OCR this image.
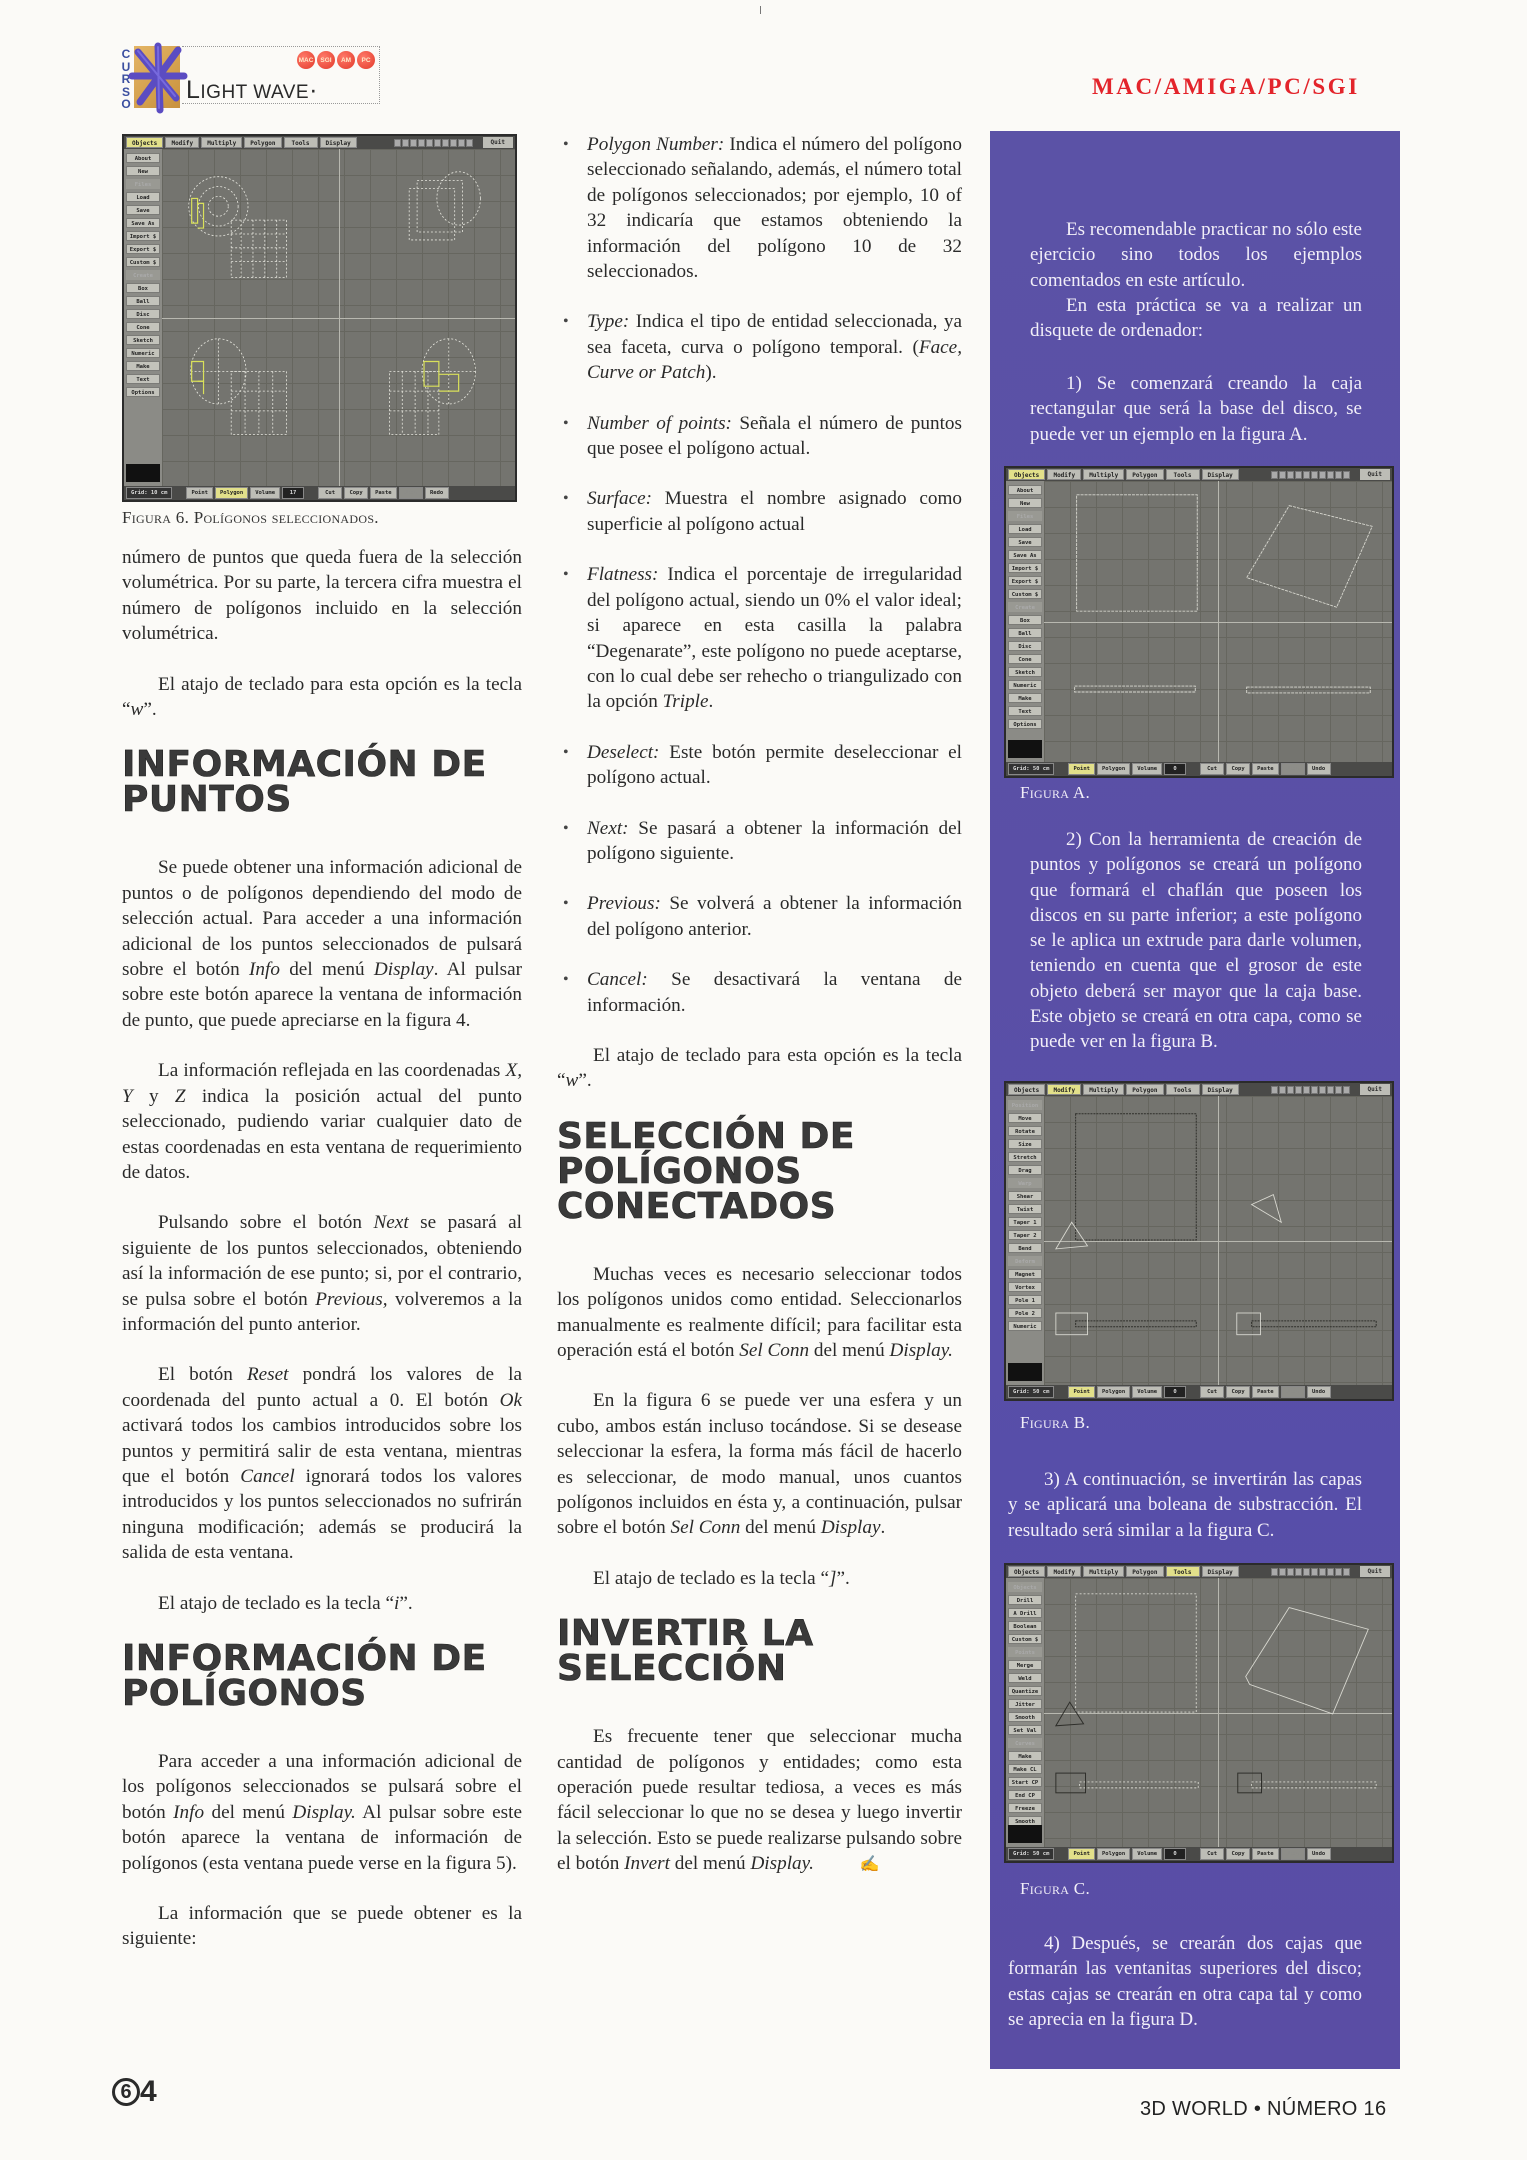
C
U
R
S
O
MAC	SGI	AM	PC
LIGHT WAVE·	MAC/AMIGA/PC/SGI
Objects	Modify	Multiply	Polygon	Tools	Display	Quit
About
New
Files
Load
Save
Save As
Import $
Export $
Custom $
Create
Box
Ball
Disc
Cone
Sketch
Numeric
Make
Text
Options
Grid: 10 cm	Point	Polygon	Volume	17	Cut	Copy	Paste	Undo	Redo
Figura 6. Polígonos seleccionados.

número de puntos que queda fuera de la selección volumétrica. Por su parte, la tercera cifra muestra el número de polígonos incluido en la selección volumétrica.

El atajo de teclado para esta opción es la tecla “w”.

INFORMACIÓN DE PUNTOS

Se puede obtener una información adicional de puntos o de polígonos dependiendo del modo de selección actual. Para acceder a una información adicional de los puntos seleccionados de pulsará sobre el botón Info del menú Display. Al pulsar sobre este botón aparece la ventana de información de punto, que puede apreciarse en la figura 4.

La información reflejada en las coordenadas X, Y y Z indica la posición actual del punto seleccionado, pudiendo variar cualquier dato de estas coordenadas en esta ventana de requerimiento de datos.

Pulsando sobre el botón Next se pasará al siguiente de los puntos seleccionados, obteniendo así la información de ese punto; si, por el contrario, se pulsa sobre el botón Previous, volveremos a la información del punto anterior.

El botón Reset pondrá los valores de la coordenada del punto actual a 0. El botón Ok activará todos los cambios introducidos sobre los puntos y permitirá salir de esta ventana, mientras que el botón Cancel ignorará todos los valores introducidos y los puntos seleccionados no sufrirán ninguna modificación; además se producirá la salida de esta ventana.

El atajo de teclado es la tecla “i”.

INFORMACIÓN DE POLÍGONOS

Para acceder a una información adicional de los polígonos seleccionados se pulsará sobre el botón Info del menú Display. Al pulsar sobre este botón aparece la ventana de información de polígonos (esta ventana puede verse en la figura 5).

La información que se puede obtener es la siguiente:

• Polygon Number: Indica el número del polígono seleccionado señalando, además, el número total de polígonos seleccionados; por ejemplo, 10 of 32 indicaría que estamos obteniendo la información del polígono 10 de 32 seleccionados.
• Type: Indica el tipo de entidad seleccionada, ya sea faceta, curva o polígono temporal. (Face, Curve or Patch).
• Number of points: Señala el número de puntos que posee el polígono actual.
• Surface: Muestra el nombre asignado como superficie al polígono actual
• Flatness: Indica el porcentaje de irregularidad del polígono actual, siendo un 0% el valor ideal; si aparece en esta casilla la palabra “Degenarate”, este polígono no puede aceptarse, con lo cual debe ser rehecho o triangulizado con la opción Triple.
• Deselect: Este botón permite deseleccionar el polígono actual.
• Next: Se pasará a obtener la información del polígono siguiente.
• Previous: Se volverá a obtener la información del polígono anterior.
• Cancel: Se desactivará la ventana de información.

El atajo de teclado para esta opción es la tecla “w”.

SELECCIÓN DE POLÍGONOS CONECTADOS

Muchas veces es necesario seleccionar todos los polígonos unidos como entidad. Seleccionarlos manualmente es realmente difícil; para facilitar esta operación está el botón Sel Conn del menú Display.

En la figura 6 se puede ver una esfera y un cubo, ambos están incluso tocándose. Si se desease seleccionar la esfera, la forma más fácil de hacerlo es seleccionar, de modo manual, unos cuantos polígonos incluidos en ésta y, a continuación, pulsar sobre el botón Sel Conn del menú Display.

El atajo de teclado es la tecla “]”.

INVERTIR LA SELECCIÓN

Es frecuente tener que seleccionar mucha cantidad de polígonos y entidades; como esta operación puede resultar tediosa, a veces es más fácil seleccionar lo que no se desea y luego invertir la selección. Esto se puede realizarse pulsando sobre el botón Invert del menú Display.	✍

Es recomendable practicar no sólo este ejercicio sino todos los ejemplos comentados en este artículo.

En esta práctica se va a realizar un disquete de ordenador:

1) Se comenzará creando la caja rectangular que será la base del disco, se puede ver un ejemplo en la figura A.

Objects	Modify	Multiply	Polygon	Tools	Display	Quit
About
New
Files
Load
Save
Save As
Import $
Export $
Custom $
Create
Box
Ball
Disc
Cone
Sketch
Numeric
Make
Text
Options
Grid: 50 cm	Point	Polygon	Volume	0	Cut	Copy	Paste	Undo	Undo
Figura A.

2) Con la herramienta de creación de puntos y polígonos se creará un polígono que formará el chaflán que poseen los discos en su parte inferior; a este polígono se le aplica un extrude para darle volumen, teniendo en cuenta que el grosor de este objeto deberá ser mayor que la caja base. Este objeto se creará en otra capa, como se puede ver en la figura B.

Objects	Modify	Multiply	Polygon	Tools	Display	Quit
Position
Move
Rotate
Size
Stretch
Drag
Warp
Shear
Twist
Taper 1
Taper 2
Bend
Deform
Magnet
Vortex
Pole 1
Pole 2
Numeric
Grid: 50 cm	Point	Polygon	Volume	0	Cut	Copy	Paste	Undo	Undo
Figura B.

3) A continuación, se invertirán las capas y se aplicará una boleana de substracción. El resultado será similar a la figura C.

Objects	Modify	Multiply	Polygon	Tools	Display	Quit
Objects
Drill
A Drill
Boolean
Custom $
Points
Merge
Weld
Quantize
Jitter
Smooth
Set Val
Curves
Make
Make CL
Start CP
End CP
Freeze
Smooth
Grid: 50 cm	Point	Polygon	Volume	0	Cut	Copy	Paste	Undo	Undo
Figura C.

4) Después, se crearán dos cajas que formarán las ventanitas superiores del disco; estas cajas se crearán en otra capa tal y como se aprecia en la figura D.

6 4
3D WORLD • NÚMERO 16
